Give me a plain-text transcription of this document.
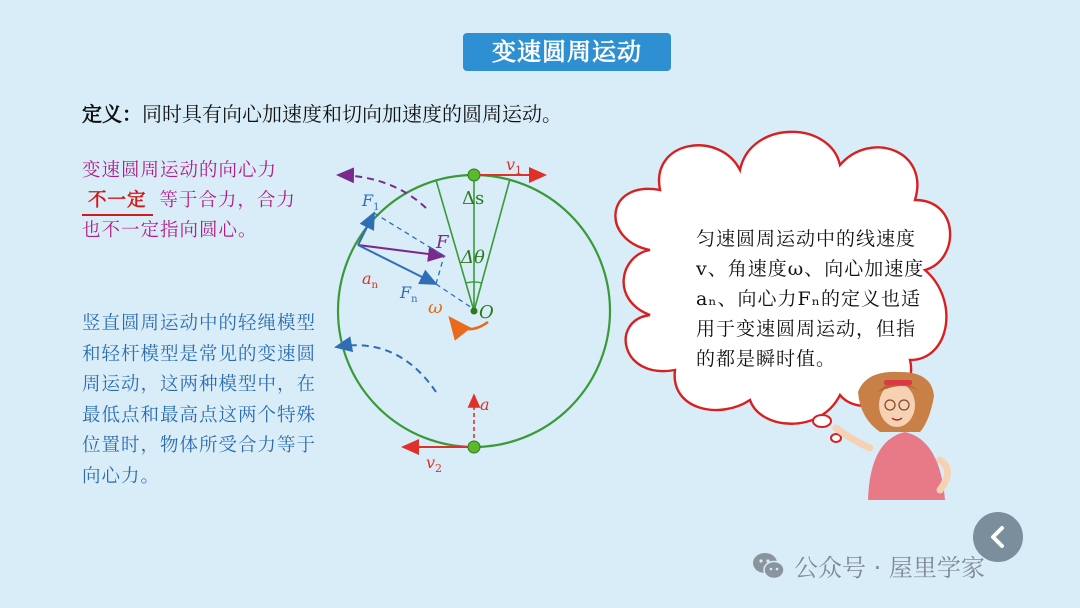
变速圆周运动
定义：同时具有向心加速度和切向加速度的圆周运动。
变速圆周运动的向心力
不一定 等于合力，合力
也不一定指向圆心。
竖直圆周运动中的轻绳模型和轻杆模型是常见的变速圆周运动，这两种模型中，在最低点和最高点这两个特殊位置时，物体所受合力等于向心力。
$v_1$
$v_2$
Δs
Δθ
F
$F_1$
$F_n$
$a_n$
ω O
a
匀速圆周运动中的线速度v、角速度ω、向心加速度aₙ、向心力Fₙ的定义也适用于变速圆周运动，但指的都是瞬时值。
公众号 · 屋里学家
